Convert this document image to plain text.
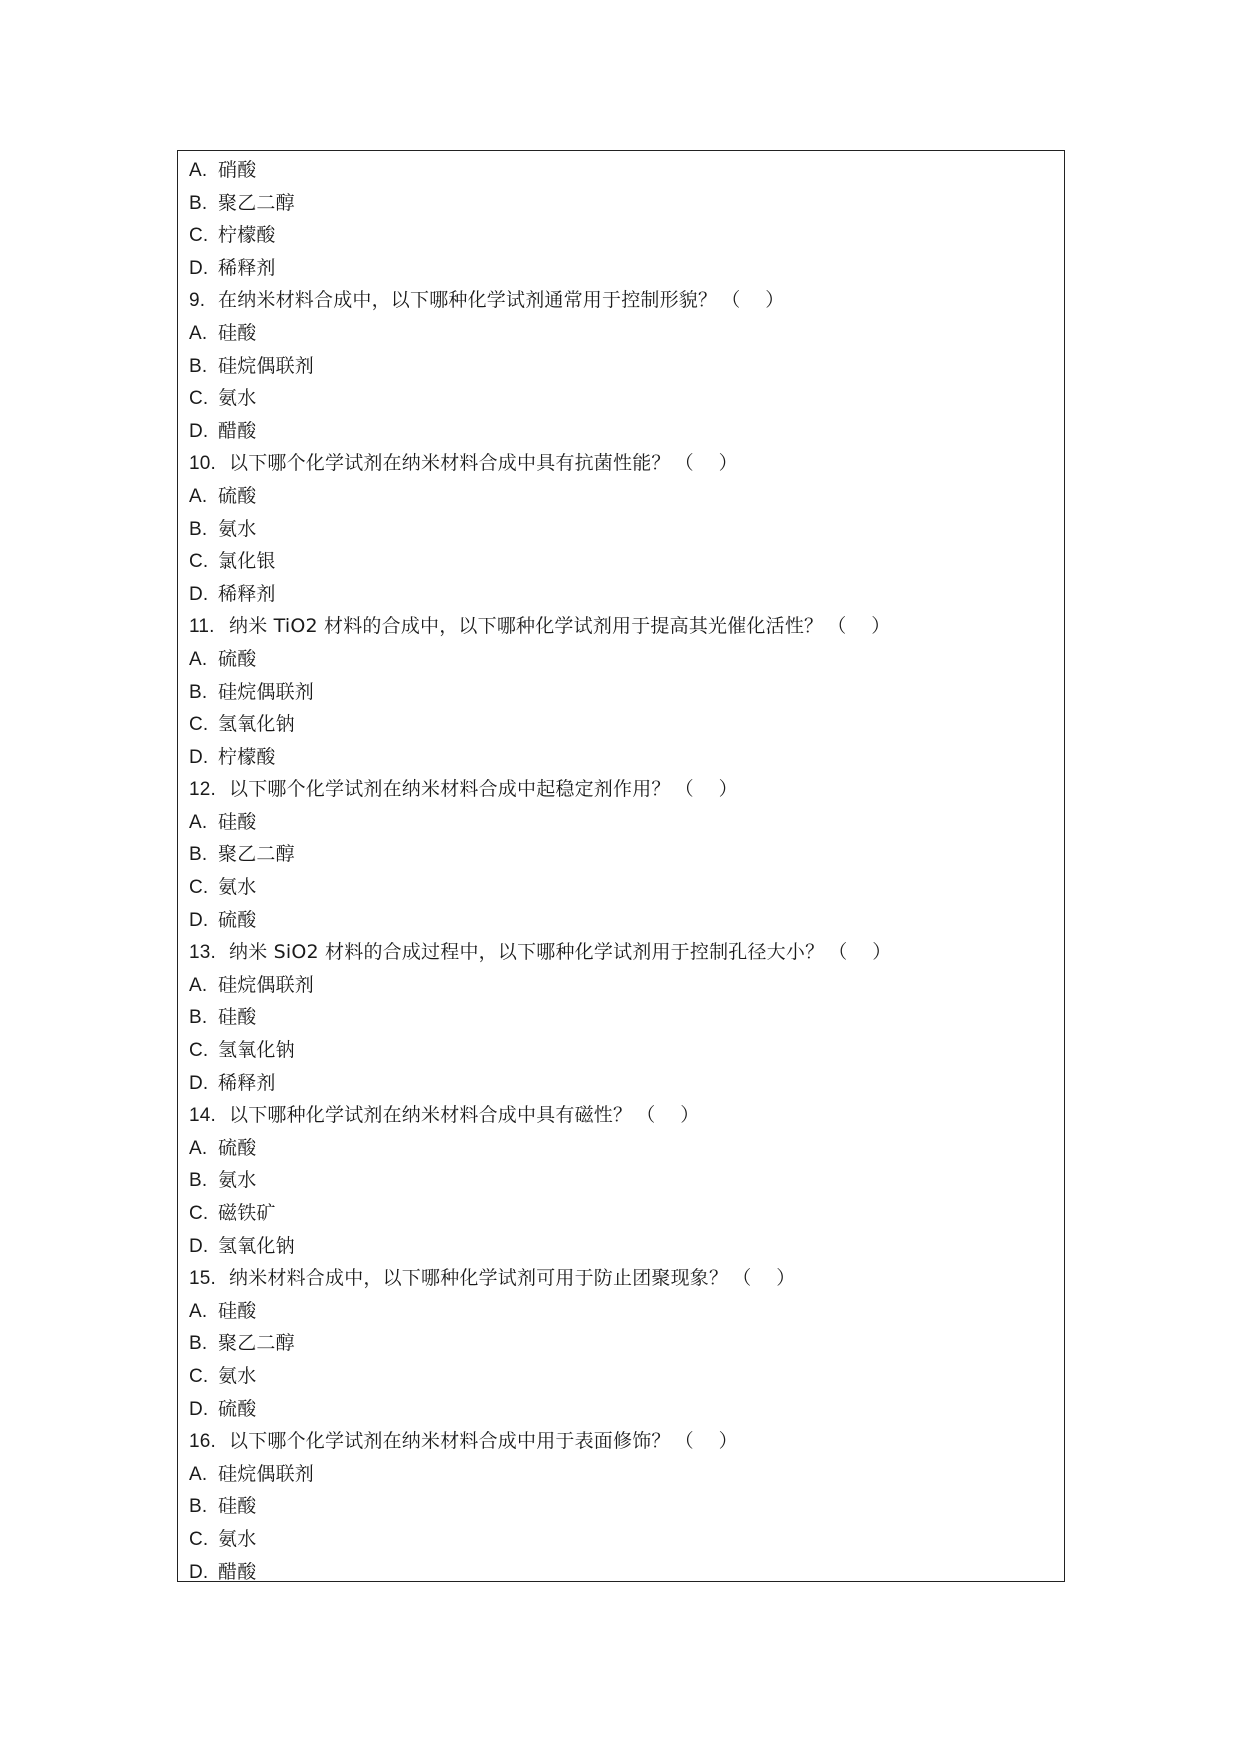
A. 硝酸
B. 聚乙二醇
C. 柠檬酸
D. 稀释剂
9. 在纳米材料合成中，以下哪种化学试剂通常用于控制形貌？ （　 ）
A. 硅酸
B. 硅烷偶联剂
C. 氨水
D. 醋酸
10. 以下哪个化学试剂在纳米材料合成中具有抗菌性能？ （　 ）
A. 硫酸
B. 氨水
C. 氯化银
D. 稀释剂
11. 纳米 TiO2 材料的合成中，以下哪种化学试剂用于提高其光催化活性？ （　 ）
A. 硫酸
B. 硅烷偶联剂
C. 氢氧化钠
D. 柠檬酸
12. 以下哪个化学试剂在纳米材料合成中起稳定剂作用？ （　 ）
A. 硅酸
B. 聚乙二醇
C. 氨水
D. 硫酸
13. 纳米 SiO2 材料的合成过程中，以下哪种化学试剂用于控制孔径大小？ （　 ）
A. 硅烷偶联剂
B. 硅酸
C. 氢氧化钠
D. 稀释剂
14. 以下哪种化学试剂在纳米材料合成中具有磁性？ （　 ）
A. 硫酸
B. 氨水
C. 磁铁矿
D. 氢氧化钠
15. 纳米材料合成中，以下哪种化学试剂可用于防止团聚现象？ （　 ）
A. 硅酸
B. 聚乙二醇
C. 氨水
D. 硫酸
16. 以下哪个化学试剂在纳米材料合成中用于表面修饰？ （　 ）
A. 硅烷偶联剂
B. 硅酸
C. 氨水
D. 醋酸
